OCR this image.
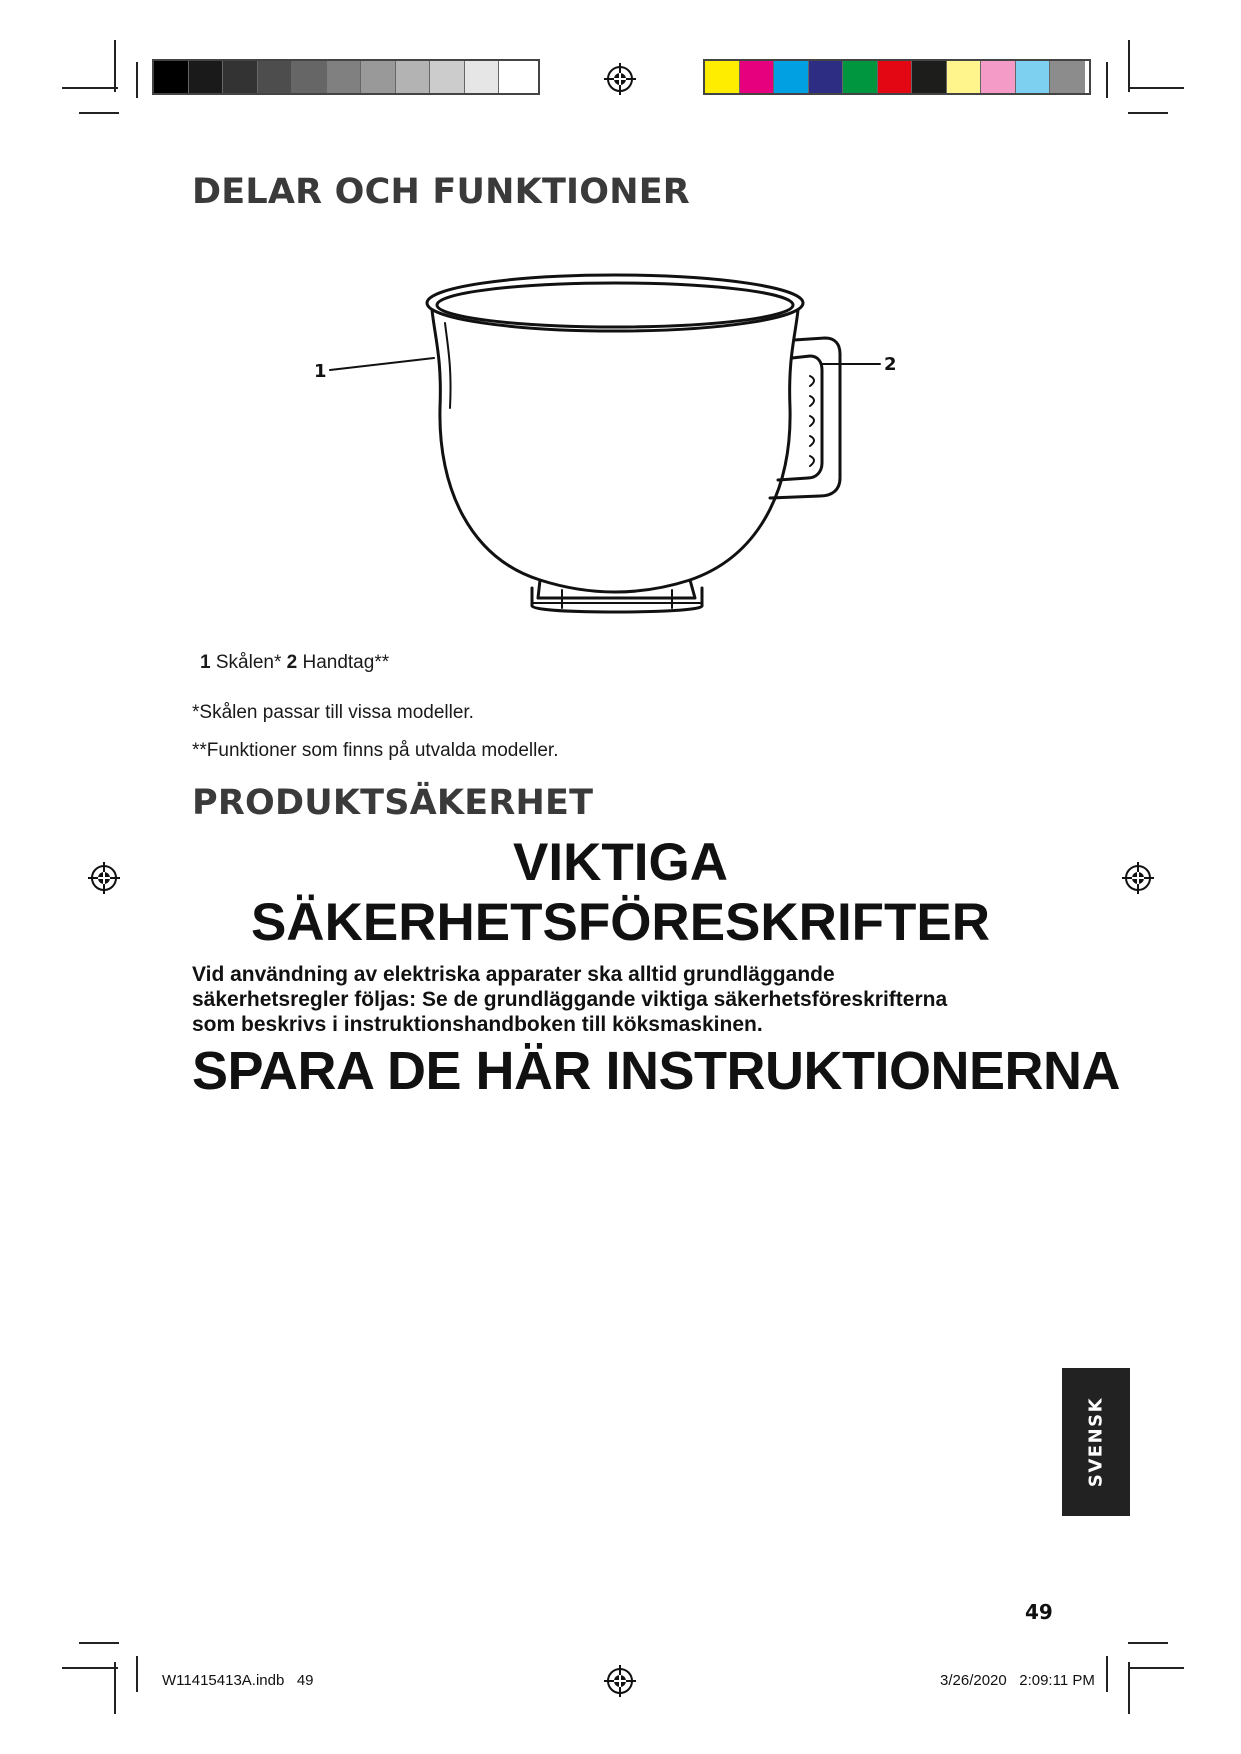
DELAR OCH FUNKTIONER
1	2

1 Skålen* 2 Handtag**

*Skålen passar till vissa modeller.

**Funktioner som finns på utvalda modeller.

PRODUKTSÄKERHET
VIKTIGA
SÄKERHETSFÖRESKRIFTER
Vid användning av elektriska apparater ska alltid grundläggande
säkerhetsregler följas: Se de grundläggande viktiga säkerhetsföreskrifterna
som beskrivs i instruktionshandboken till köksmaskinen.
SPARA DE HÄR INSTRUKTIONERNA
SVENSK
49
W11415413A.indb   49	3/26/2020   2:09:11 PM
